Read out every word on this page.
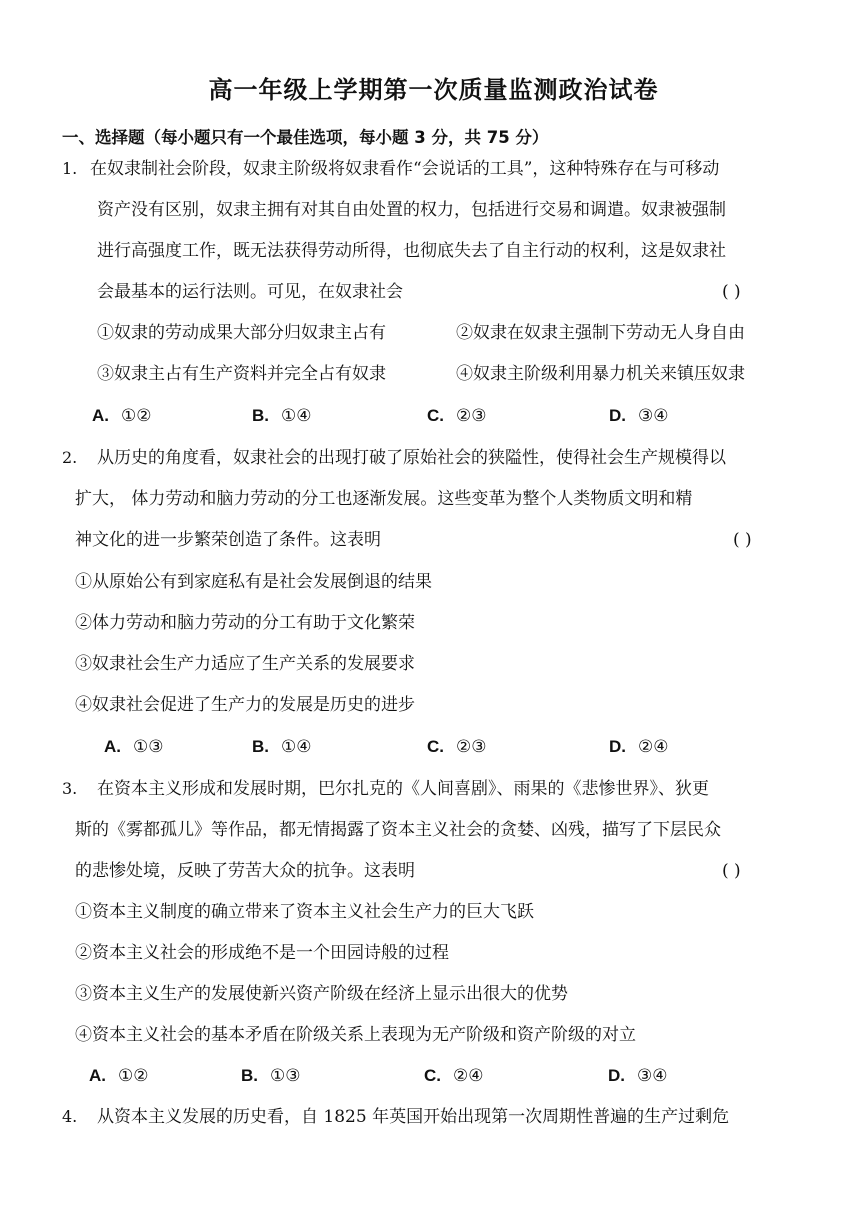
高一年级上学期第一次质量监测政治试卷
一、选择题（每小题只有一个最佳选项，每小题 3 分，共 75 分）
1. 在奴隶制社会阶段，奴隶主阶级将奴隶看作“会说话的工具”，这种特殊存在与可移动
资产没有区别，奴隶主拥有对其自由处置的权力，包括进行交易和调遣。奴隶被强制
进行高强度工作，既无法获得劳动所得，也彻底失去了自主行动的权利，这是奴隶社
会最基本的运行法则。可见，在奴隶社会	( )
①奴隶的劳动成果大部分归奴隶主占有	②奴隶在奴隶主强制下劳动无人身自由
③奴隶主占有生产资料并完全占有奴隶	④奴隶主阶级利用暴力机关来镇压奴隶
A. ①②	B. ①④	C. ②③	D. ③④
2. 从历史的角度看，奴隶社会的出现打破了原始社会的狭隘性，使得社会生产规模得以
扩大， 体力劳动和脑力劳动的分工也逐渐发展。这些变革为整个人类物质文明和精
神文化的进一步繁荣创造了条件。这表明	( )
①从原始公有到家庭私有是社会发展倒退的结果
②体力劳动和脑力劳动的分工有助于文化繁荣
③奴隶社会生产力适应了生产关系的发展要求
④奴隶社会促进了生产力的发展是历史的进步
A. ①③	B. ①④	C. ②③	D. ②④
3. 在资本主义形成和发展时期，巴尔扎克的《人间喜剧》、雨果的《悲惨世界》、狄更
斯的《雾都孤儿》等作品，都无情揭露了资本主义社会的贪婪、凶残，描写了下层民众
的悲惨处境，反映了劳苦大众的抗争。这表明	( )
①资本主义制度的确立带来了资本主义社会生产力的巨大飞跃
②资本主义社会的形成绝不是一个田园诗般的过程
③资本主义生产的发展使新兴资产阶级在经济上显示出很大的优势
④资本主义社会的基本矛盾在阶级关系上表现为无产阶级和资产阶级的对立
A. ①②	B. ①③	C. ②④	D. ③④
4. 从资本主义发展的历史看，自 1825 年英国开始出现第一次周期性普遍的生产过剩危
